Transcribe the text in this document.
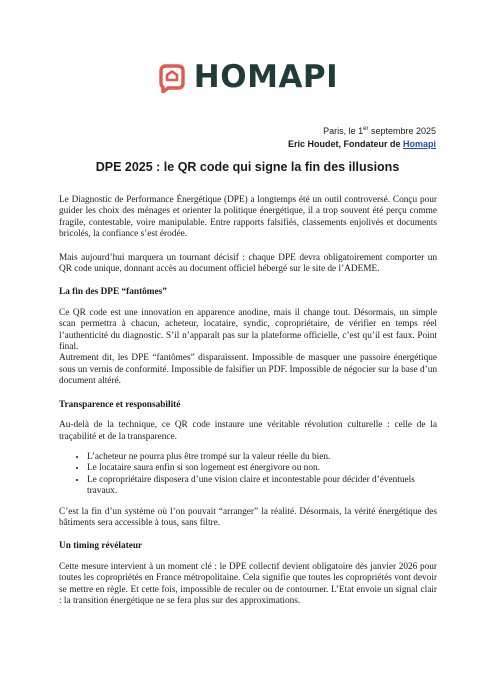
HOMAPI
Paris, le 1er septembre 2025
Eric Houdet, Fondateur de Homapi
DPE 2025 : le QR code qui signe la fin des illusions

Le Diagnostic de Performance Énergétique (DPE) a longtemps été un outil controversé. Conçu pour guider les choix des ménages et orienter la politique énergétique, il a trop souvent été perçu comme fragile, contestable, voire manipulable. Entre rapports falsifiés, classements enjolivés et documents bricolés, la confiance s’est érodée.

Mais aujourd’hui marquera un tournant décisif : chaque DPE devra obligatoirement comporter un QR code unique, donnant accès au document officiel hébergé sur le site de l’ADEME.

La fin des DPE “fantômes”

Ce QR code est une innovation en apparence anodine, mais il change tout. Désormais, un simple scan permettra à chacun, acheteur, locataire, syndic, copropriétaire, de vérifier en temps réel l’authenticité du diagnostic. S’il n’apparaît pas sur la plateforme officielle, c’est qu’il est faux. Point final.

Autrement dit, les DPE “fantômes” disparaissent. Impossible de masquer une passoire énergétique sous un vernis de conformité. Impossible de falsifier un PDF. Impossible de négocier sur la base d’un document altéré.

Transparence et responsabilité

Au-delà de la technique, ce QR code instaure une véritable révolution culturelle : celle de la traçabilité et de la transparence.

• L’acheteur ne pourra plus être trompé sur la valeur réelle du bien.
• Le locataire saura enfin si son logement est énergivore ou non.
• Le copropriétaire disposera d’une vision claire et incontestable pour décider d’éventuels travaux.

C’est la fin d’un système où l’on pouvait “arranger” la réalité. Désormais, la vérité énergétique des bâtiments sera accessible à tous, sans filtre.

Un timing révélateur

Cette mesure intervient à un moment clé : le DPE collectif devient obligatoire dès janvier 2026 pour toutes les copropriétés en France métropolitaine. Cela signifie que toutes les copropriétés vont devoir se mettre en règle. Et cette fois, impossible de reculer ou de contourner. L’Etat envoie un signal clair : la transition énergétique ne se fera plus sur des approximations.
